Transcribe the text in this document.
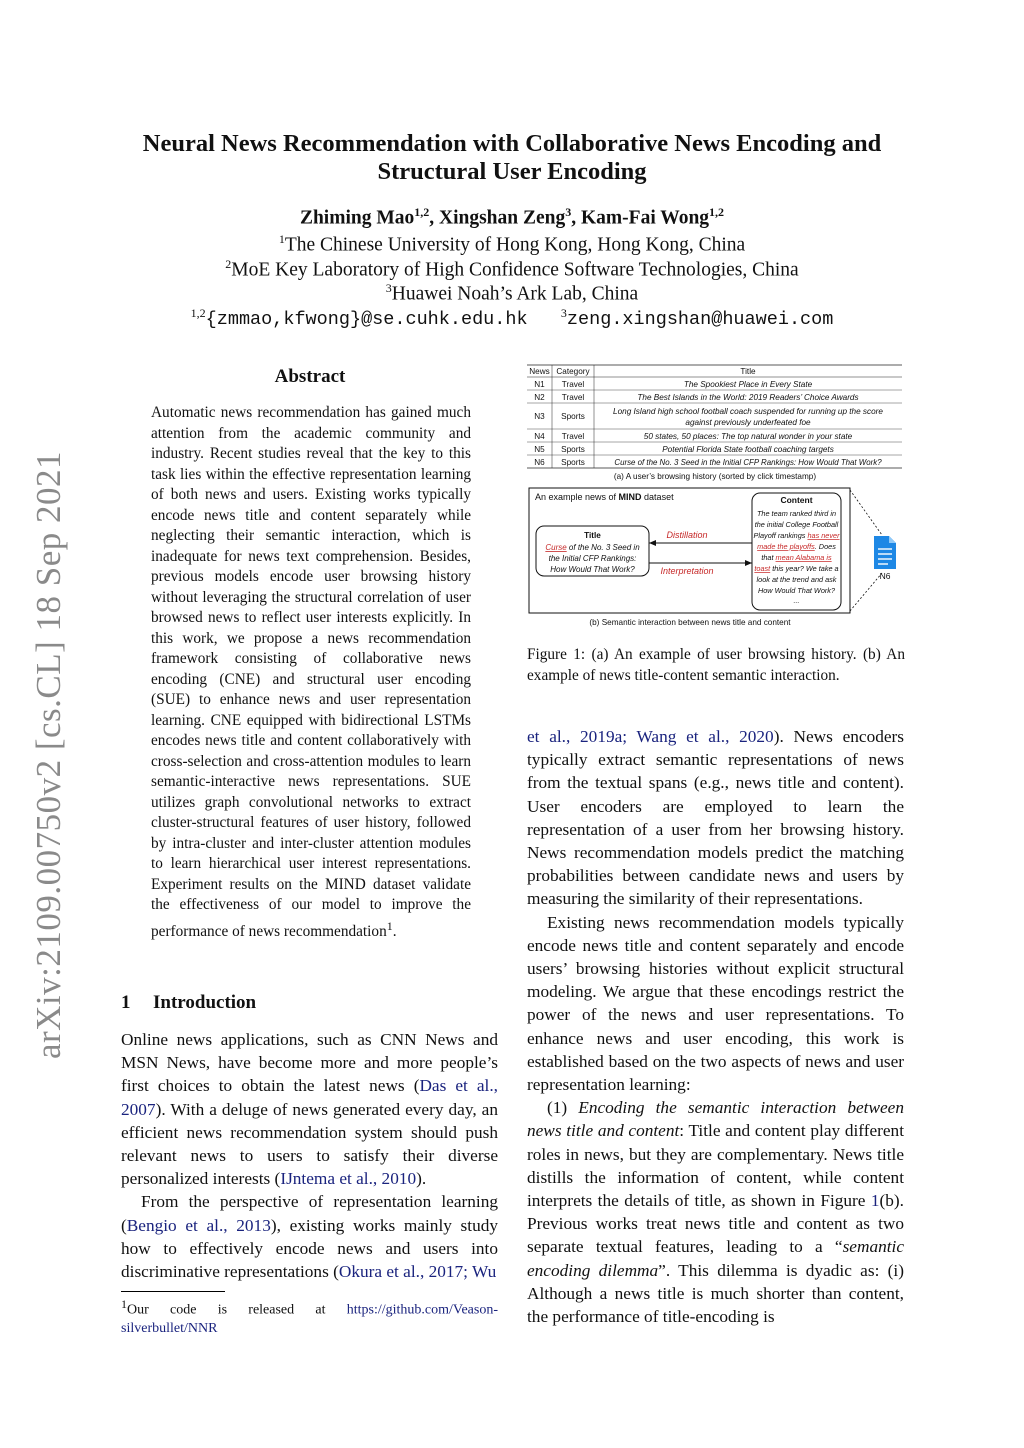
arXiv:2109.00750v2 [cs.CL] 18 Sep 2021
Neural News Recommendation with Collaborative News Encoding and
Structural User Encoding
Zhiming Mao$^{1,2}$, Xingshan Zeng$^3$, Kam-Fai Wong$^{1,2}$
$^1$The Chinese University of Hong Kong, Hong Kong, China
$^2$MoE Key Laboratory of High Confidence Software Technologies, China
$^3$Huawei Noah’s Ark Lab, China
$^{1,2}${zmmao,kfwong}@se.cuhk.edu.hk	$^3$zeng.xingshan@huawei.com
Abstract
Automatic news recommendation has gained much attention from the academic community and industry. Recent studies reveal that the key to this task lies within the effective representation learning of both news and users. Existing works typically encode news title and content separately while neglecting their semantic interaction, which is inadequate for news text comprehension. Besides, previous models encode user browsing history without leveraging the structural correlation of user browsed news to reflect user interests explicitly. In this work, we propose a news recommendation framework consisting of collaborative news encoding (CNE) and structural user encoding (SUE) to enhance news and user representation learning. CNE equipped with bidirectional LSTMs encodes news title and content collaboratively with cross-selection and cross-attention modules to learn semantic-interactive news representations. SUE utilizes graph convolutional networks to extract cluster-structural features of user history, followed by intra-cluster and inter-cluster attention modules to learn hierarchical user interest representations. Experiment results on the MIND dataset validate the effectiveness of our model to improve the performance of news recommendation$^1$.
1 Introduction

Online news applications, such as CNN News and MSN News, have become more and more people’s first choices to obtain the latest news (Das et al., 2007). With a deluge of news generated every day, an efficient news recommendation system should push relevant news to users to satisfy their diverse personalized interests (IJntema et al., 2010).

From the perspective of representation learning (Bengio et al., 2013), existing works mainly study how to effectively encode news and users into discriminative representations (Okura et al., 2017; Wu

$^1$Our code is released at https://github.com/Veason-silverbullet/NNR
News Category	Title
N1 Travel	The Spookiest Place in Every State
N2 Travel	The Best Islands in the World: 2019 Readers’ Choice Awards
N3 Sports
Long Island high school football coach suspended for running up the score
against previously underfeated foe
N4 Travel	50 states, 50 places: The top natural wonder in your state
N5 Sports	Potential Florida State football coaching targets
N6 Sports	Curse of the No. 3 Seed in the Initial CFP Rankings: How Would That Work?
(a) A user’s browsing history (sorted by click timestamp)
An example news of MIND dataset
Title
Curse of the No. 3 Seed in
the Initial CFP Rankings:
How Would That Work?
Distillation
Interpretation
Content
The team ranked third in
the initial College Football
Playoff rankings has never
made the playoffs. Does
that mean Alabama is
toast this year? We take a
look at the trend and ask
How Would That Work?
...
N6
(b) Semantic interaction between news title and content
Figure 1: (a) An example of user browsing history. (b) An example of news title-content semantic interaction.

et al., 2019a; Wang et al., 2020). News encoders typically extract semantic representations of news from the textual spans (e.g., news title and content). User encoders are employed to learn the representation of a user from her browsing history. News recommendation models predict the matching probabilities between candidate news and users by measuring the similarity of their representations.

Existing news recommendation models typically encode news title and content separately and encode users’ browsing histories without explicit structural modeling. We argue that these encodings restrict the power of the news and user representations. To enhance news and user encoding, this work is established based on the two aspects of news and user representation learning:

(1) Encoding the semantic interaction between news title and content: Title and content play different roles in news, but they are complementary. News title distills the information of content, while content interprets the details of title, as shown in Figure 1(b). Previous works treat news title and content as two separate textual features, leading to a “semantic encoding dilemma”. This dilemma is dyadic as: (i) Although a news title is much shorter than content, the performance of title-encoding is
